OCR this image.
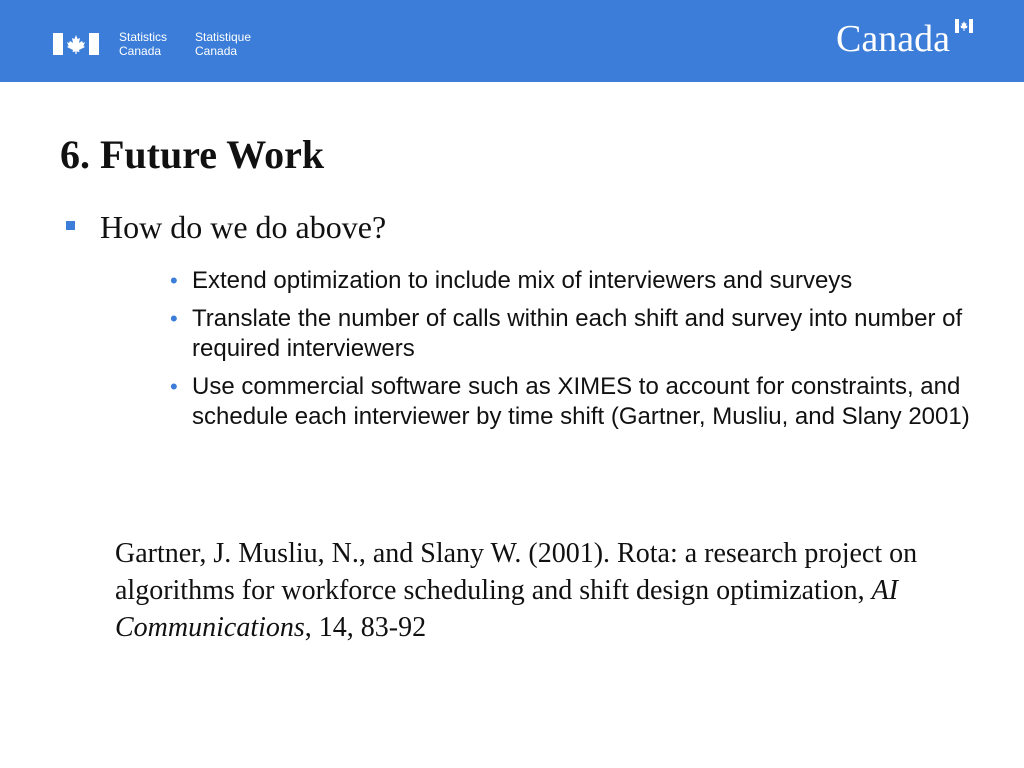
Statistics
Canada
Statistique
Canada	Canada
6. Future Work
How do we do above?
• Extend optimization to include mix of interviewers and surveys
• Translate the number of calls within each shift and survey into number of required interviewers
• Use commercial software such as XIMES to account for constraints, and schedule each interviewer by time shift (Gartner, Musliu, and Slany 2001)

Gartner, J. Musliu, N., and Slany W. (2001). Rota: a research project on algorithms for workforce scheduling and shift design optimization, AI Communications, 14, 83-92
